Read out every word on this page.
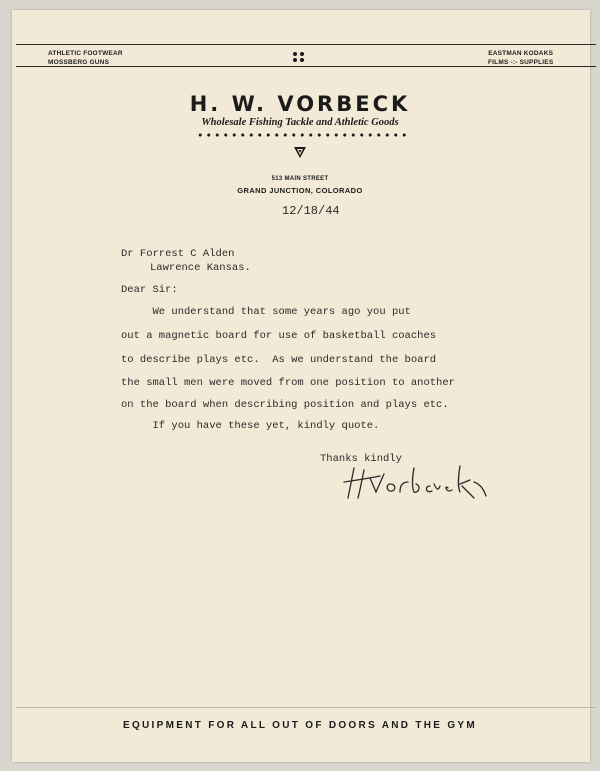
ATHLETIC FOOTWEAR
MOSSBERG GUNS
EASTMAN KODAKS
FILMS -:- SUPPLIES
H. W. VORBECK
Wholesale Fishing Tackle and Athletic Goods
513 MAIN STREET
GRAND JUNCTION, COLORADO
12/18/44
Dr Forrest C Alden
Lawrence Kansas.
Dear Sir:
We understand that some years ago you put
out a magnetic board for use of basketball coaches
to describe plays etc.  As we understand the board
the small men were moved from one position to another
on the board when describing position and plays etc.
If you have these yet, kindly quote.
Thanks kindly
EQUIPMENT FOR ALL OUT OF DOORS AND THE GYM
